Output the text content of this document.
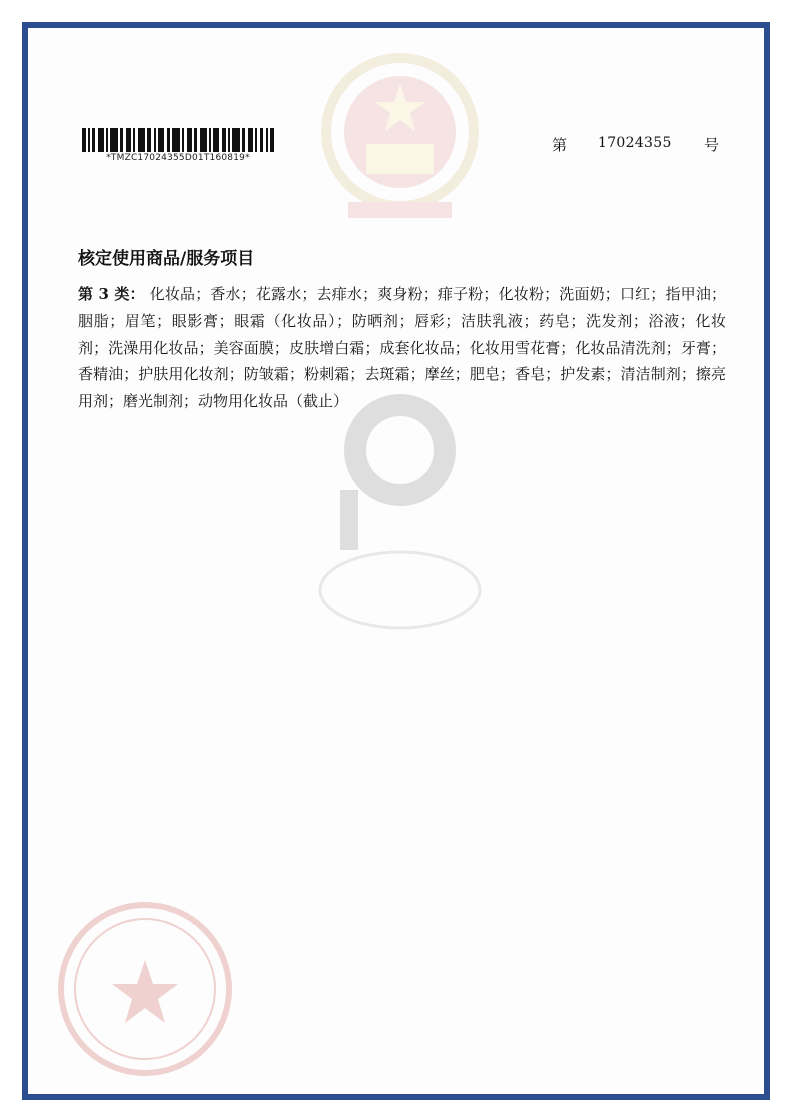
*TMZC17024355D01T160819*
第 17024355 号
核定使用商品/服务项目
第 3 类： 化妆品；香水；花露水；去痱水；爽身粉；痱子粉；化妆粉；洗面奶；口红；指甲油；胭脂；眉笔；眼影膏；眼霜（化妆品）；防晒剂；唇彩；洁肤乳液；药皂；洗发剂；浴液；化妆剂；洗澡用化妆品；美容面膜；皮肤增白霜；成套化妆品；化妆用雪花膏；化妆品清洗剂；牙膏；香精油；护肤用化妆剂；防皱霜；粉刺霜；去斑霜；摩丝；肥皂；香皂；护发素；清洁制剂；擦亮用剂；磨光制剂；动物用化妆品（截止）
